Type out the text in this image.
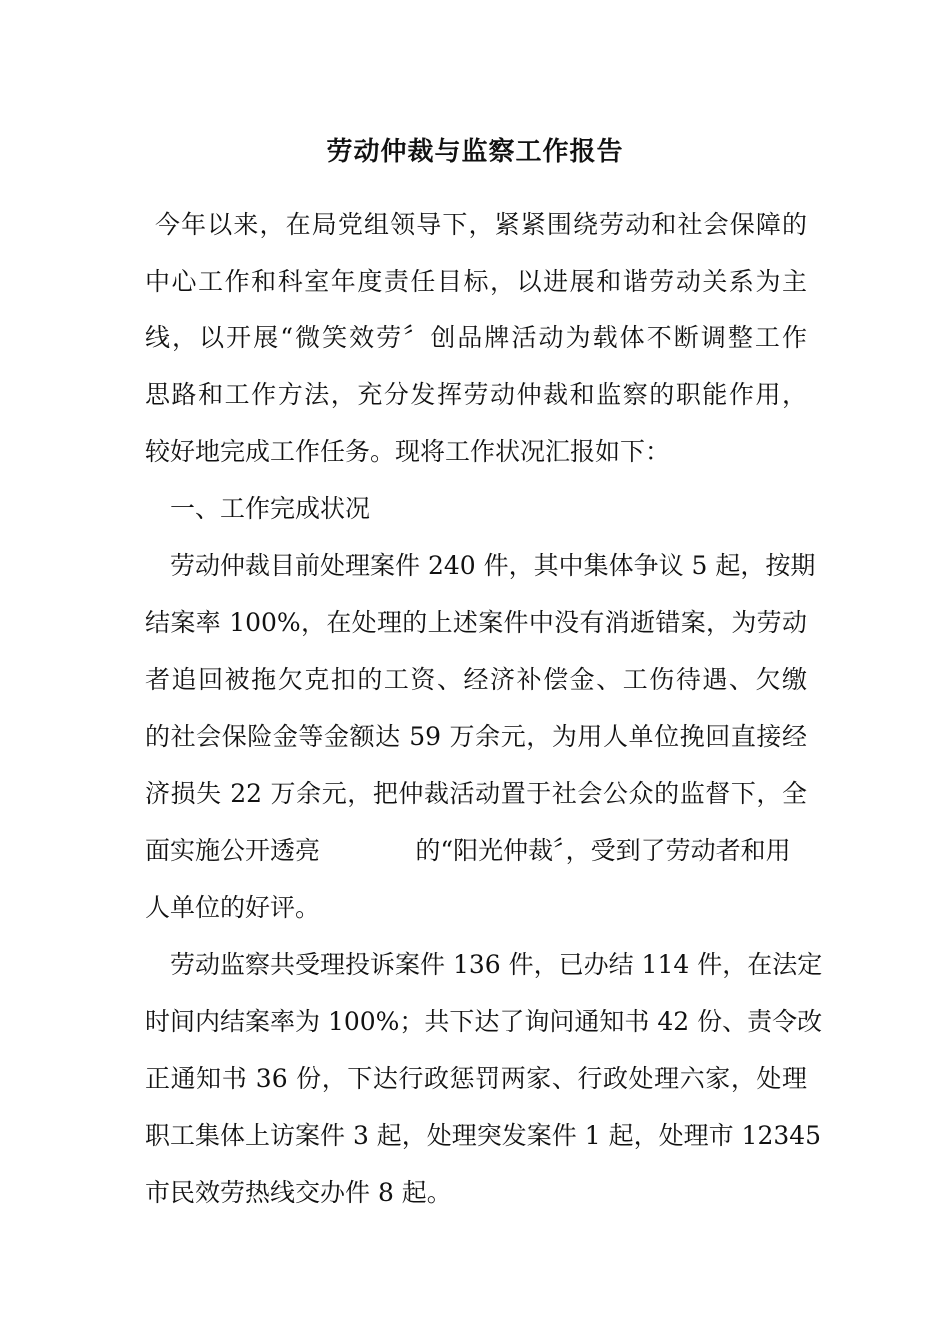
劳动仲裁与监察工作报告

今年以来，在局党组领导下，紧紧围绕劳动和社会保障的

中心工作和科室年度责任目标，以进展和谐劳动关系为主

线，以开展“微笑效劳〞创品牌活动为载体不断调整工作

思路和工作方法，充分发挥劳动仲裁和监察的职能作用，

较好地完成工作任务。现将工作状况汇报如下：

一、工作完成状况

劳动仲裁目前处理案件 240 件，其中集体争议 5 起，按期

结案率 100%，在处理的上述案件中没有消逝错案，为劳动

者追回被拖欠克扣的工资、经济补偿金、工伤待遇、欠缴

的社会保险金等金额达 59 万余元，为用人单位挽回直接经

济损失 22 万余元，把仲裁活动置于社会公众的监督下，全

面实施公开透亮            的“阳光仲裁〞，受到了劳动者和用

人单位的好评。

劳动监察共受理投诉案件 136 件，已办结 114 件，在法定

时间内结案率为 100%；共下达了询问通知书 42 份、责令改

正通知书 36 份，下达行政惩罚两家、行政处理六家，处理

职工集体上访案件 3 起，处理突发案件 1 起，处理市 12345

市民效劳热线交办件 8 起。
